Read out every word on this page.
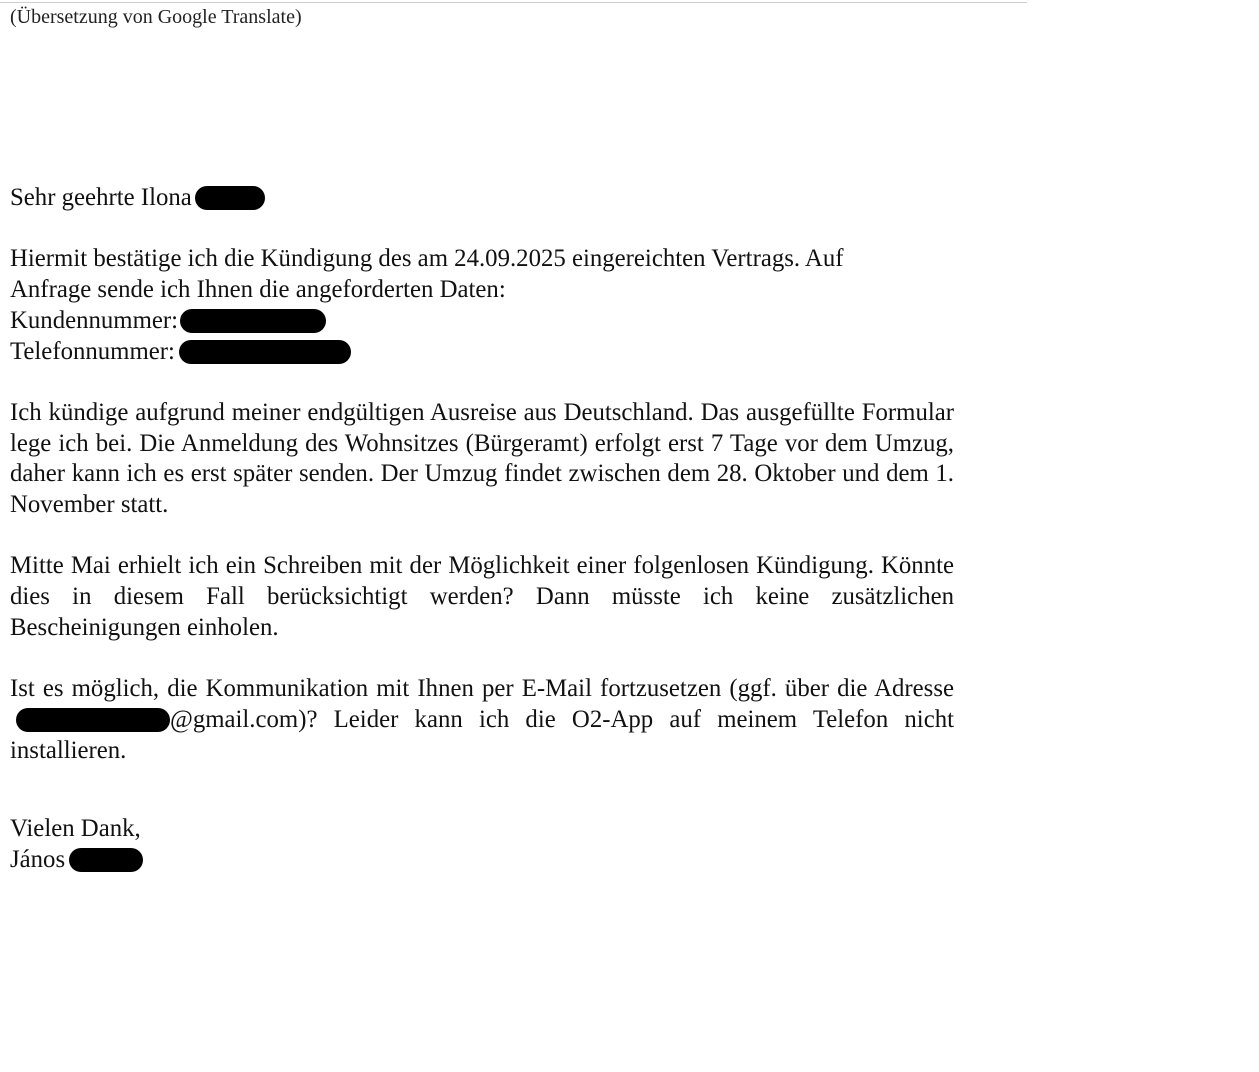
(Übersetzung von Google Translate)

Sehr geehrte Ilona

Hiermit bestätige ich die Kündigung des am 24.09.2025 eingereichten Vertrags. Auf
Anfrage sende ich Ihnen die angeforderten Daten:
Kundennummer:
Telefonnummer:

Ich kündige aufgrund meiner endgültigen Ausreise aus Deutschland. Das ausgefüllte Formular lege ich bei. Die Anmeldung des Wohnsitzes (Bürgeramt) erfolgt erst 7 Tage vor dem Umzug, daher kann ich es erst später senden. Der Umzug findet zwischen dem 28. Oktober und dem 1. November statt.

Mitte Mai erhielt ich ein Schreiben mit der Möglichkeit einer folgenlosen Kündigung. Könnte dies in diesem Fall berücksichtigt werden? Dann müsste ich keine zusätzlichen Bescheinigungen einholen.

Ist es möglich, die Kommunikation mit Ihnen per E-Mail fortzusetzen (ggf. über die Adresse @gmail.com)? Leider kann ich die O2-App auf meinem Telefon nicht installieren.

Vielen Dank,
János
